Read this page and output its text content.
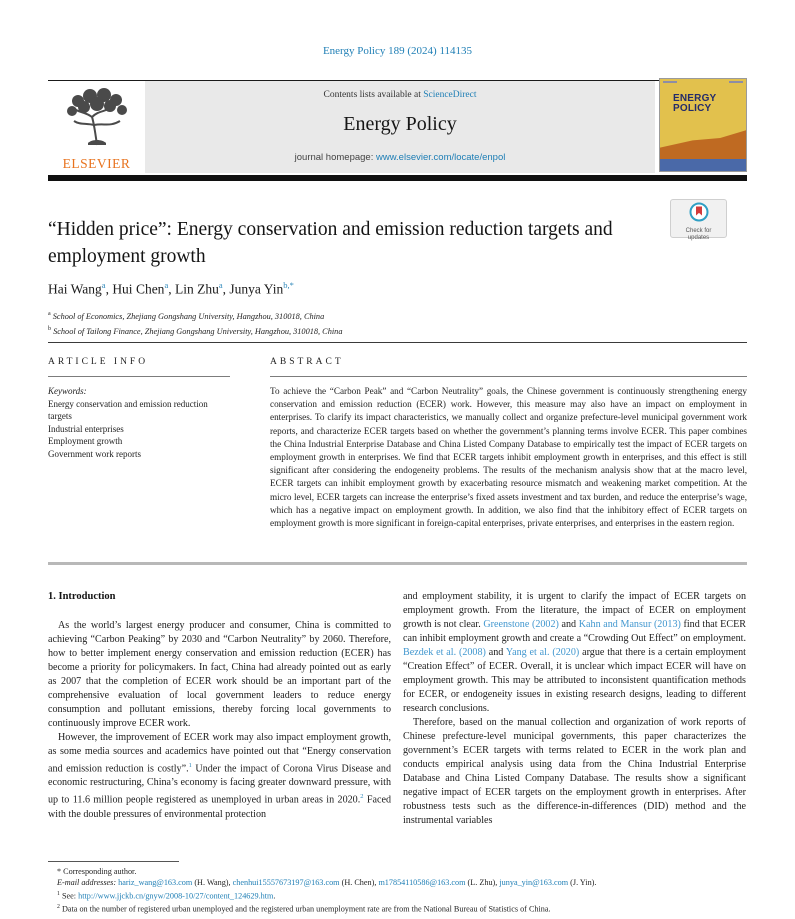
Energy Policy 189 (2024) 114135
ELSEVIER
Contents lists available at ScienceDirect
Energy Policy
journal homepage: www.elsevier.com/locate/enpol
ENERGY
POLICY
“Hidden price”: Energy conservation and emission reduction targets and employment growth
Check for
updates
Hai Wang$^a$, Hui Chen$^a$, Lin Zhu$^a$, Junya Yin$^{b,*}$
$^a$ School of Economics, Zhejiang Gongshang University, Hangzhou, 310018, China
$^b$ School of Tailong Finance, Zhejiang Gongshang University, Hangzhou, 310018, China
ARTICLE INFO
Keywords:
Energy conservation and emission reduction targets
Industrial enterprises
Employment growth
Government work reports
ABSTRACT
To achieve the “Carbon Peak” and “Carbon Neutrality” goals, the Chinese government is continuously strengthening energy conservation and emission reduction (ECER) work. However, this measure may also have an impact on employment in enterprises. To clarify its impact characteristics, we manually collect and organize prefecture-level municipal government work reports, and characterize ECER targets based on whether the government’s planning terms involve ECER. This paper combines the China Industrial Enterprise Database and China Listed Company Database to empirically test the impact of ECER targets on employment growth in enterprises. We find that ECER targets inhibit employment growth in enterprises, and this effect is still significant after considering the endogeneity problems. The results of the mechanism analysis show that at the macro level, ECER targets can inhibit employment growth by exacerbating resource mismatch and weakening market competition. At the micro level, ECER targets can increase the enterprise’s fixed assets investment and tax burden, and reduce the enterprise’s wage, which has a negative impact on employment growth. In addition, we also find that the inhibitory effect of ECER targets on employment growth is more significant in foreign-capital enterprises, private enterprises, and enterprises in the eastern region.
1. Introduction

As the world’s largest energy producer and consumer, China is committed to achieving “Carbon Peaking” by 2030 and “Carbon Neutrality” by 2060. Therefore, how to better implement energy conservation and emission reduction (ECER) has become a priority for policymakers. In fact, China had already pointed out as early as 2007 that the completion of ECER work should be an important part of the comprehensive evaluation of local government leaders to reduce energy consumption and pollutant emissions, thereby forcing local governments to continuously improve ECER work.

However, the improvement of ECER work may also impact employment growth, as some media sources and academics have pointed out that “Energy conservation and emission reduction is costly”.$^1$ Under the impact of Corona Virus Disease and economic restructuring, China’s economy is facing greater downward pressure, with up to 11.6 million people registered as unemployed in urban areas in 2020.$^2$ Faced with the double pressures of environmental protection

and employment stability, it is urgent to clarify the impact of ECER targets on employment growth. From the literature, the impact of ECER on employment growth is not clear. Greenstone (2002) and Kahn and Mansur (2013) find that ECER can inhibit employment growth and create a “Crowding Out Effect” on employment. Bezdek et al. (2008) and Yang et al. (2020) argue that there is a certain employment “Creation Effect” of ECER. Overall, it is unclear which impact ECER will have on employment growth. This may be attributed to inconsistent quantification methods for ECER, or endogeneity issues in existing research designs, leading to different research conclusions.

Therefore, based on the manual collection and organization of work reports of Chinese prefecture-level municipal governments, this paper characterizes the government’s ECER targets with terms related to ECER in the work plan and conducts empirical analysis using data from the China Industrial Enterprise Database and China Listed Company Database. The results show a significant negative impact of ECER targets on the employment growth in enterprises. After robustness tests such as the difference-in-differences (DID) method and the instrumental variables

* Corresponding author.
E-mail addresses: hariz_wang@163.com (H. Wang), chenhui15557673197@163.com (H. Chen), m17854110586@163.com (L. Zhu), junya_yin@163.com (J. Yin).
$^1$ See: http://www.jjckb.cn/gnyw/2008-10/27/content_124629.htm.
$^2$ Data on the number of registered urban unemployed and the registered urban unemployment rate are from the National Bureau of Statistics of China.
